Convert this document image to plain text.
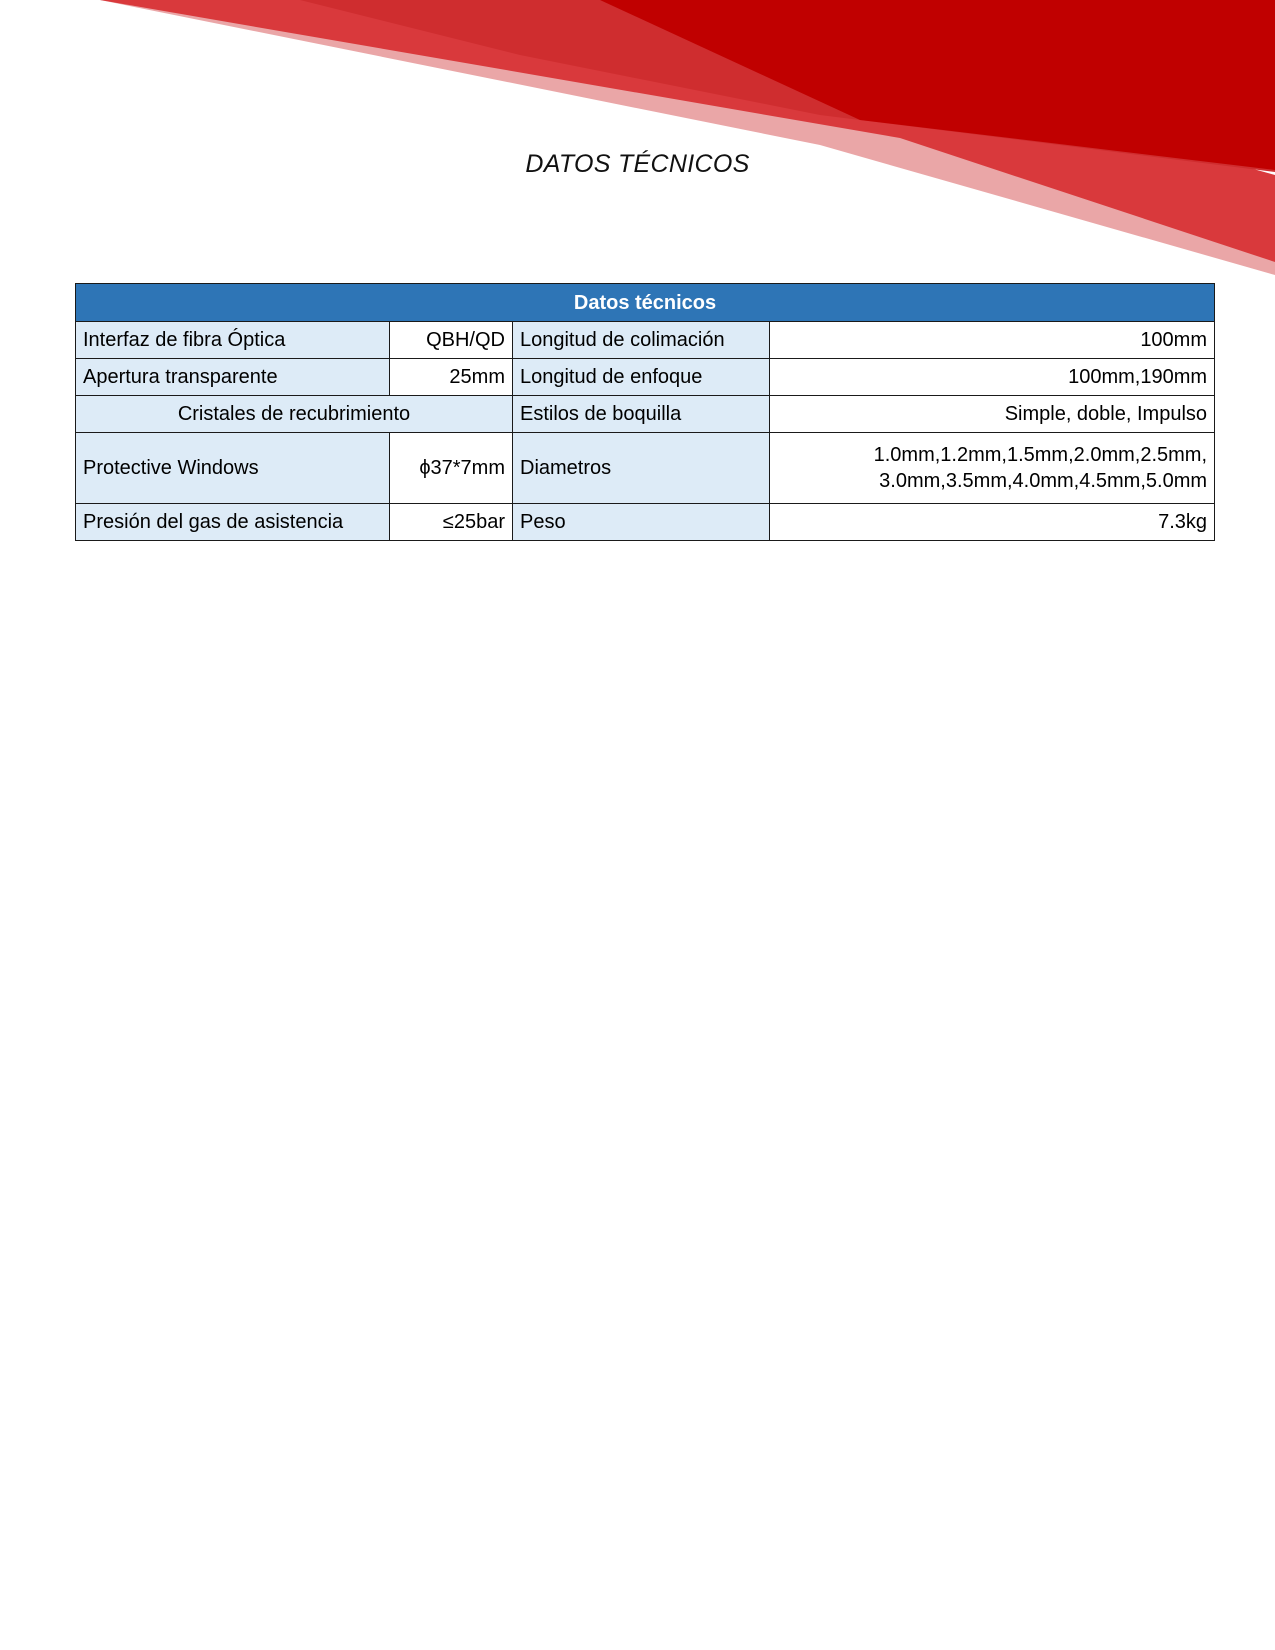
DATOS TÉCNICOS
Datos técnicos			
Interfaz de fibra Óptica	QBH/QD	Longitud de colimación	100mm
Apertura transparente	25mm	Longitud de enfoque	100mm,190mm
Cristales de recubrimiento		Estilos de boquilla	Simple, doble, Impulso
Protective Windows	ϕ37*7mm	Diametros	1.0mm,1.2mm,1.5mm,2.0mm,2.5mm,
3.0mm,3.5mm,4.0mm,4.5mm,5.0mm

Presión del gas de asistencia	≤25bar	Peso	7.3kg
